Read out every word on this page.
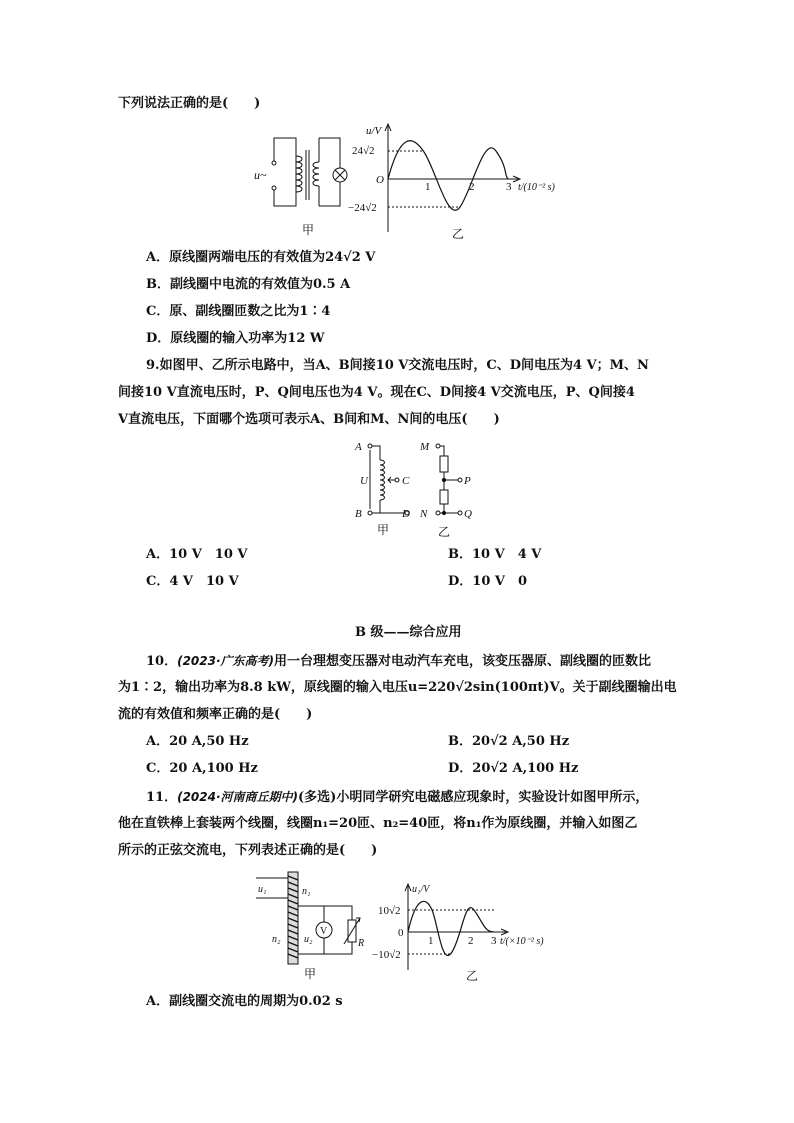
下列说法正确的是(　　)
u~
甲
u/V
24√2
O
−24√2
1	2	3 t/(10⁻² s)
乙
A．原线圈两端电压的有效值为24√2 V
B．副线圈中电流的有效值为0.5 A
C．原、副线圈匝数之比为1∶4
D．原线圈的输入功率为12 W
9.如图甲、乙所示电路中，当A、B间接10 V交流电压时，C、D间电压为4 V；M、N
间接10 V直流电压时，P、Q间电压也为4 V。现在C、D间接4 V交流电压，P、Q间接4
V直流电压，下面哪个选项可表示A、B间和M、N间的电压(　　)
A
U	C
B	D
M
P
N	Q
甲	乙
A．10 V　10 V	B．10 V　4 V
C．4 V　10 V	D．10 V　0
B 级——综合应用
10．(2023·广东高考)用一台理想变压器对电动汽车充电，该变压器原、副线圈的匝数比
为1∶2，输出功率为8.8 kW，原线圈的输入电压u=220√2sin(100πt)V。关于副线圈输出电
流的有效值和频率正确的是(　　)
A．20 A,50 Hz	B．20√2 A,50 Hz
C．20 A,100 Hz	D．20√2 A,100 Hz
11．(2024·河南商丘期中)(多选)小明同学研究电磁感应现象时，实验设计如图甲所示，
他在直铁棒上套装两个线圈，线圈n₁=20匝、n₂=40匝，将n₁作为原线圈，并输入如图乙
所示的正弦交流电，下列表述正确的是(　　)
u₁	n₁
n₂ u₂
V
R
甲
u₁/V
10√2
0
−10√2
1	2 3 t/(×10⁻² s)
乙
A．副线圈交流电的周期为0.02 s
